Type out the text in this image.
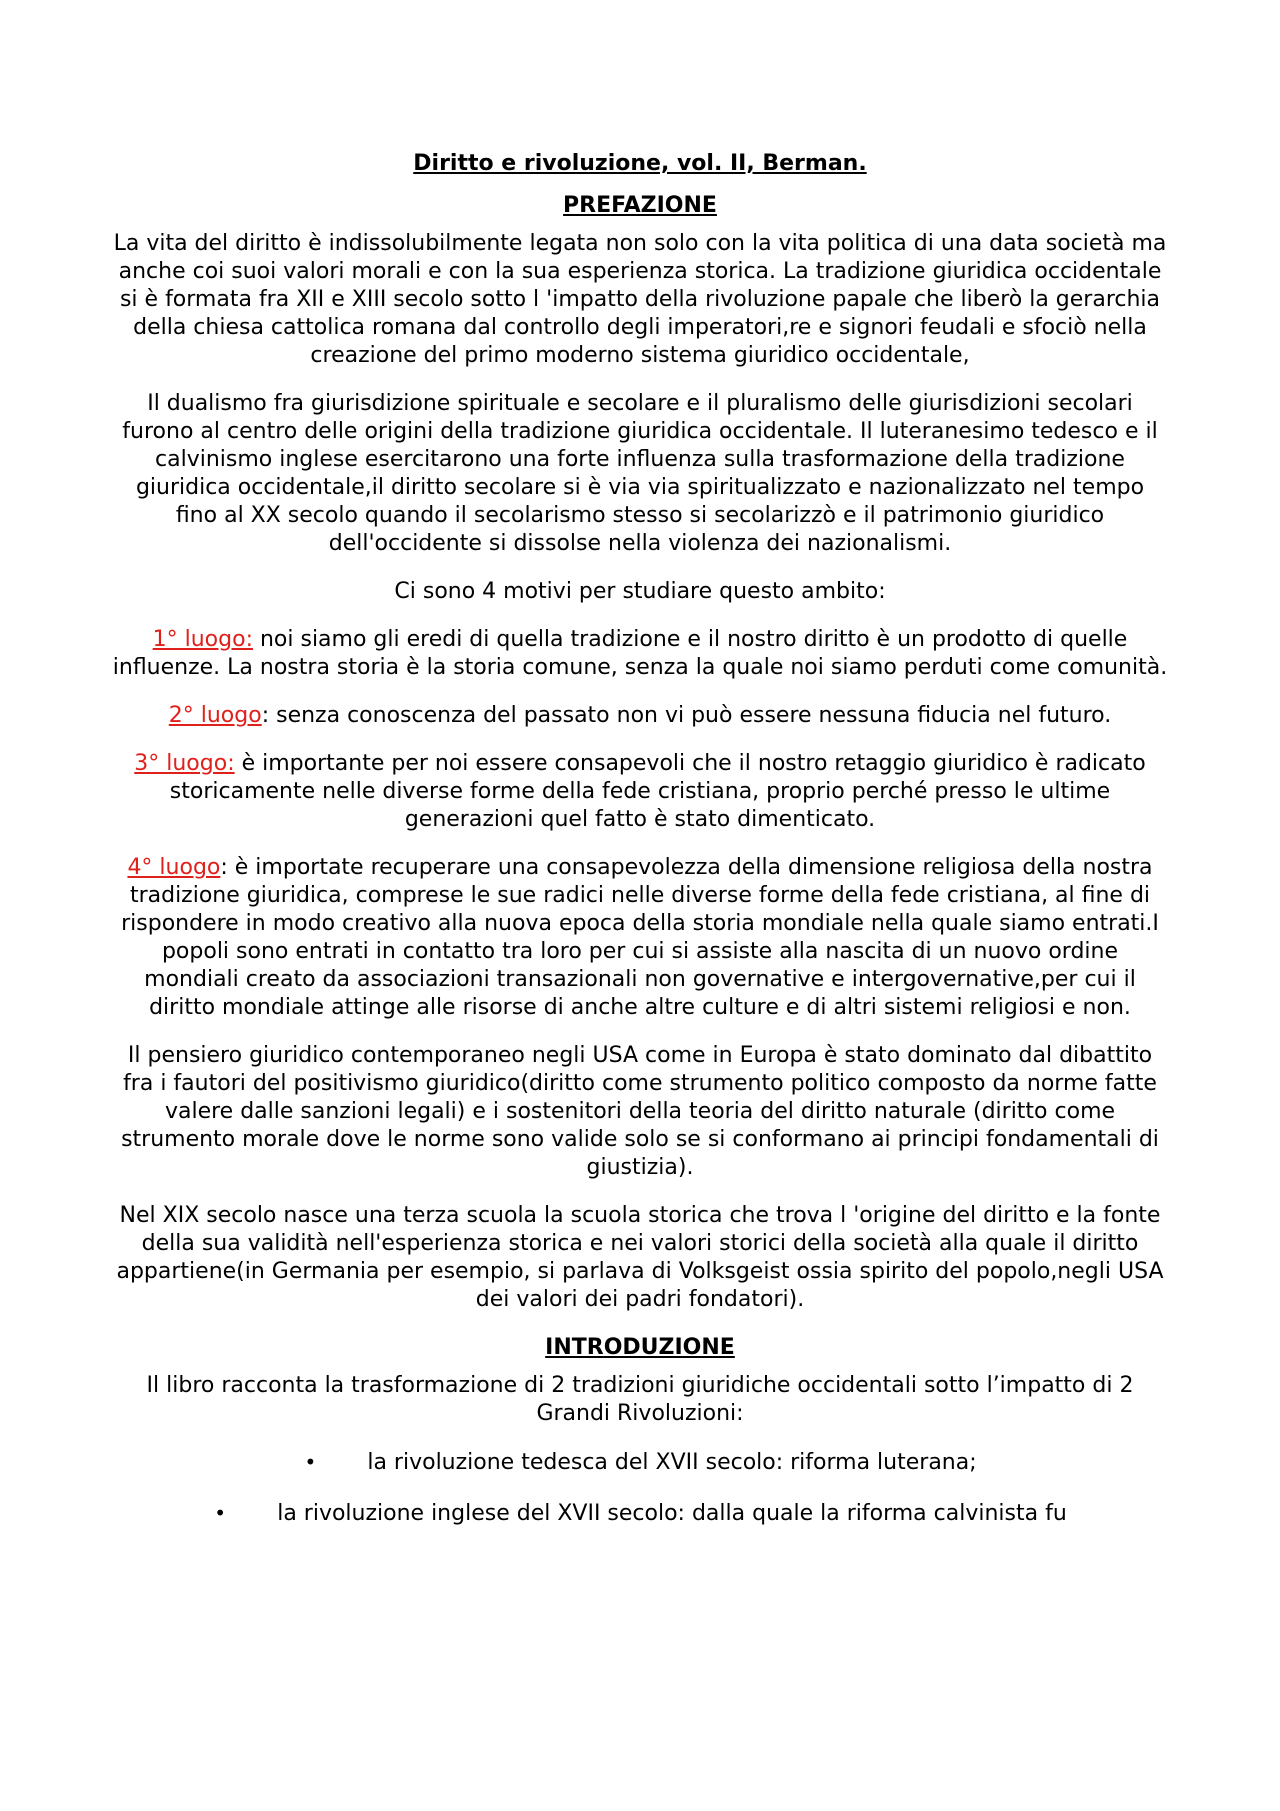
Diritto e rivoluzione, vol. II, Berman.

PREFAZIONE

La vita del diritto è indissolubilmente legata non solo con la vita politica di una data società ma anche coi suoi valori morali e con la sua esperienza storica. La tradizione giuridica occidentale si è formata fra XII e XIII secolo sotto l 'impatto della rivoluzione papale che liberò la gerarchia della chiesa cattolica romana dal controllo degli imperatori,re e signori feudali e sfociò nella creazione del primo moderno sistema giuridico occidentale,

Il dualismo fra giurisdizione spirituale e secolare e il pluralismo delle giurisdizioni secolari furono al centro delle origini della tradizione giuridica occidentale. Il luteranesimo tedesco e il calvinismo inglese esercitarono una forte influenza sulla trasformazione della tradizione giuridica occidentale,il diritto secolare si è via via spiritualizzato e nazionalizzato nel tempo fino al XX secolo quando il secolarismo stesso si secolarizzò e il patrimonio giuridico dell'occidente si dissolse nella violenza dei nazionalismi.

Ci sono 4 motivi per studiare questo ambito:

1° luogo: noi siamo gli eredi di quella tradizione e il nostro diritto è un prodotto di quelle influenze. La nostra storia è la storia comune, senza la quale noi siamo perduti come comunità.

2° luogo: senza conoscenza del passato non vi può essere nessuna fiducia nel futuro.

3° luogo: è importante per noi essere consapevoli che il nostro retaggio giuridico è radicato storicamente nelle diverse forme della fede cristiana, proprio perché presso le ultime generazioni quel fatto è stato dimenticato.

4° luogo: è importate recuperare una consapevolezza della dimensione religiosa della nostra tradizione giuridica, comprese le sue radici nelle diverse forme della fede cristiana, al fine di rispondere in modo creativo alla nuova epoca della storia mondiale nella quale siamo entrati.I popoli sono entrati in contatto tra loro per cui si assiste alla nascita di un nuovo ordine mondiali creato da associazioni transazionali non governative e intergovernative,per cui il diritto mondiale attinge alle risorse di anche altre culture e di altri sistemi religiosi e non.

Il pensiero giuridico contemporaneo negli USA come in Europa è stato dominato dal dibattito fra i fautori del positivismo giuridico(diritto come strumento politico composto da norme fatte valere dalle sanzioni legali) e i sostenitori della teoria del diritto naturale (diritto come strumento morale dove le norme sono valide solo se si conformano ai principi fondamentali di giustizia).

Nel XIX secolo nasce una terza scuola la scuola storica che trova l 'origine del diritto e la fonte della sua validità nell'esperienza storica e nei valori storici della società alla quale il diritto appartiene(in Germania per esempio, si parlava di Volksgeist ossia spirito del popolo,negli USA dei valori dei padri fondatori).

INTRODUZIONE

Il libro racconta la trasformazione di 2 tradizioni giuridiche occidentali sotto l’impatto di 2 Grandi Rivoluzioni:

• la rivoluzione tedesca del XVII secolo: riforma luterana;
• la rivoluzione inglese del XVII secolo: dalla quale la riforma calvinista fu
